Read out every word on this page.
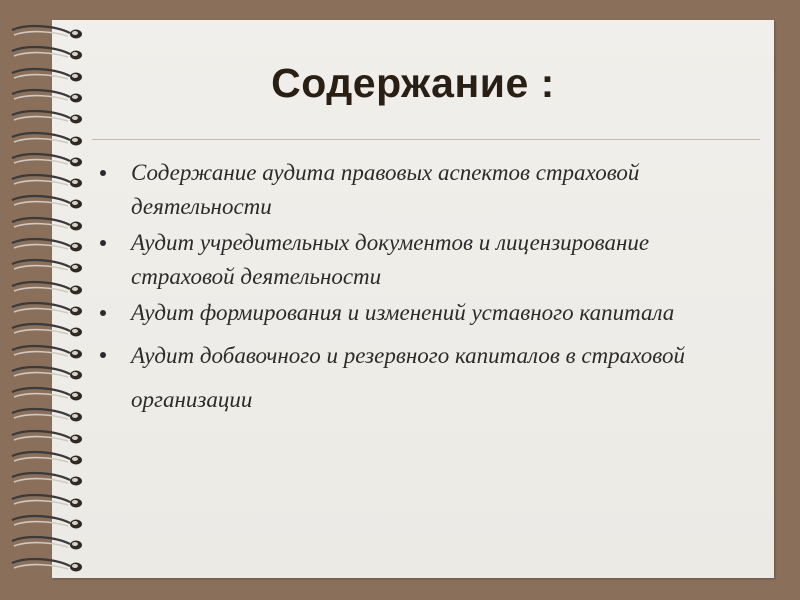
Содержание :
Содержание аудита правовых аспектов страховой деятельности
Аудит учредительных документов и лицензирование страховой деятельности
Аудит формирования и изменений уставного капитала
Аудит добавочного и резервного капиталов в страховой организации
